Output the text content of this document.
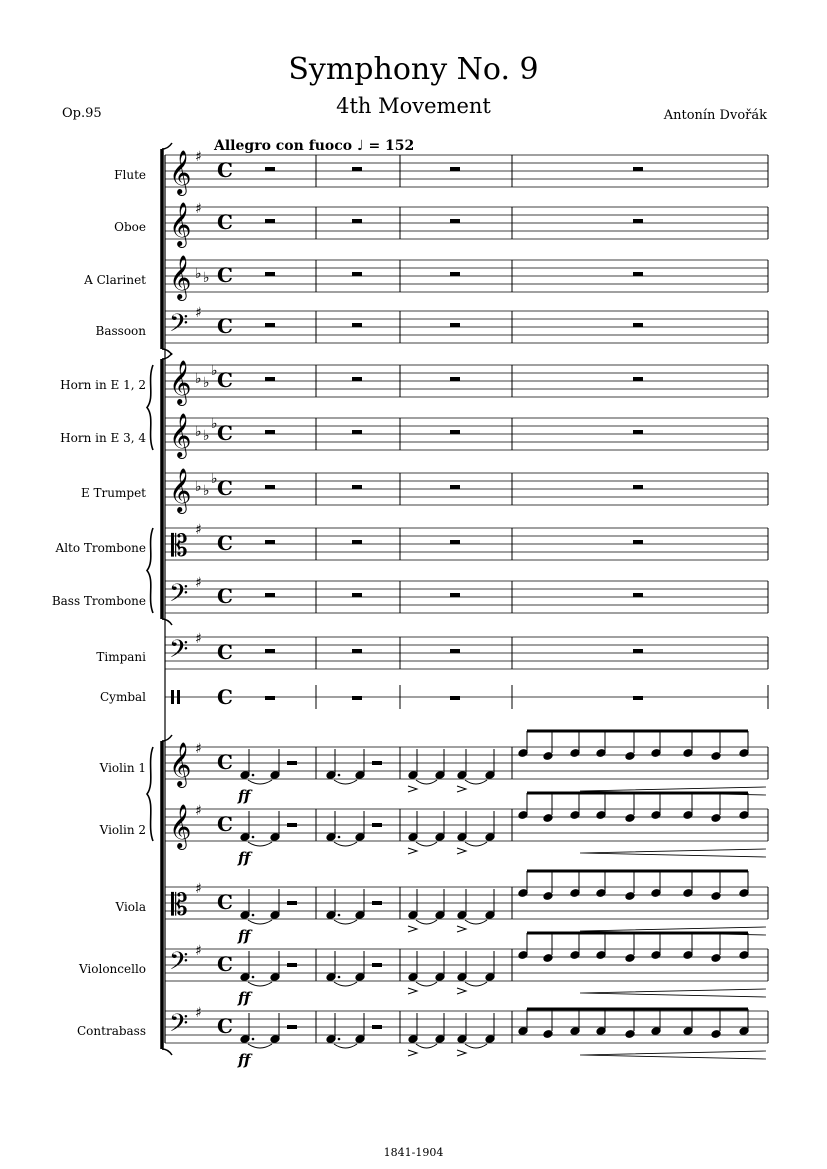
Symphony No. 9
4th Movement
Op.95	Antonín Dvořák
Allegro con fuoco ♩ = 152
Flute
Oboe
A Clarinet
Bassoon
Horn in E 1, 2
Horn in E 3, 4
E Trumpet
Alto Trombone
Bass Trombone
Timpani
Cymbal
Violin 1
Violin 2
Viola
Violoncello
Contrabass
𝄞 ♯
C
𝄞 ♯
C
𝄞 ♭ ♭ C
𝄢 ♯
C
𝄞 ♭ ♭
♭ C
𝄞 ♭ ♭
♭ C
𝄞 ♭ ♭
♭ C
𝄡 ♯
C
𝄢 ♯
C
𝄢 ♯
C
𝄞 ♯
C
𝄞 ♯
C
𝄡 ♯
C
𝄢 ♯
C
𝄢 ♯
C
C
ff
ff
ff
ff
ff
1841-1904
